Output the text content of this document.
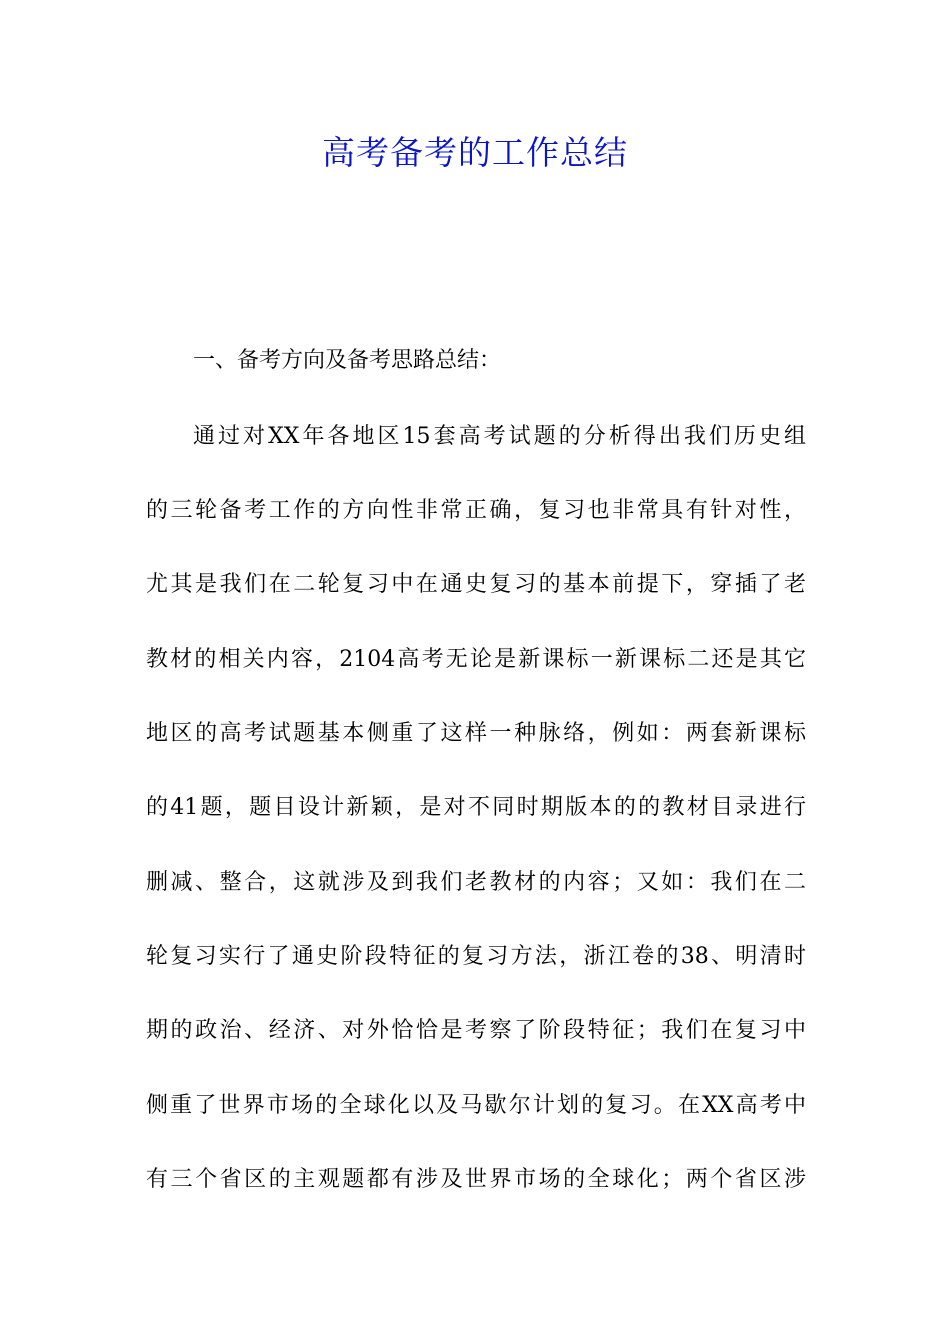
高考备考的工作总结

一、备考方向及备考思路总结：

通过对XX年各地区15套高考试题的分析得出我们历史组

的三轮备考工作的方向性非常正确，复习也非常具有针对性，

尤其是我们在二轮复习中在通史复习的基本前提下，穿插了老

教材的相关内容，2104高考无论是新课标一新课标二还是其它

地区的高考试题基本侧重了这样一种脉络，例如：两套新课标

的41题，题目设计新颖，是对不同时期版本的的教材目录进行

删减、整合，这就涉及到我们老教材的内容；又如：我们在二

轮复习实行了通史阶段特征的复习方法，浙江卷的38、明清时

期的政治、经济、对外恰恰是考察了阶段特征；我们在复习中

侧重了世界市场的全球化以及马歇尔计划的复习。在XX高考中

有三个省区的主观题都有涉及世界市场的全球化；两个省区涉
